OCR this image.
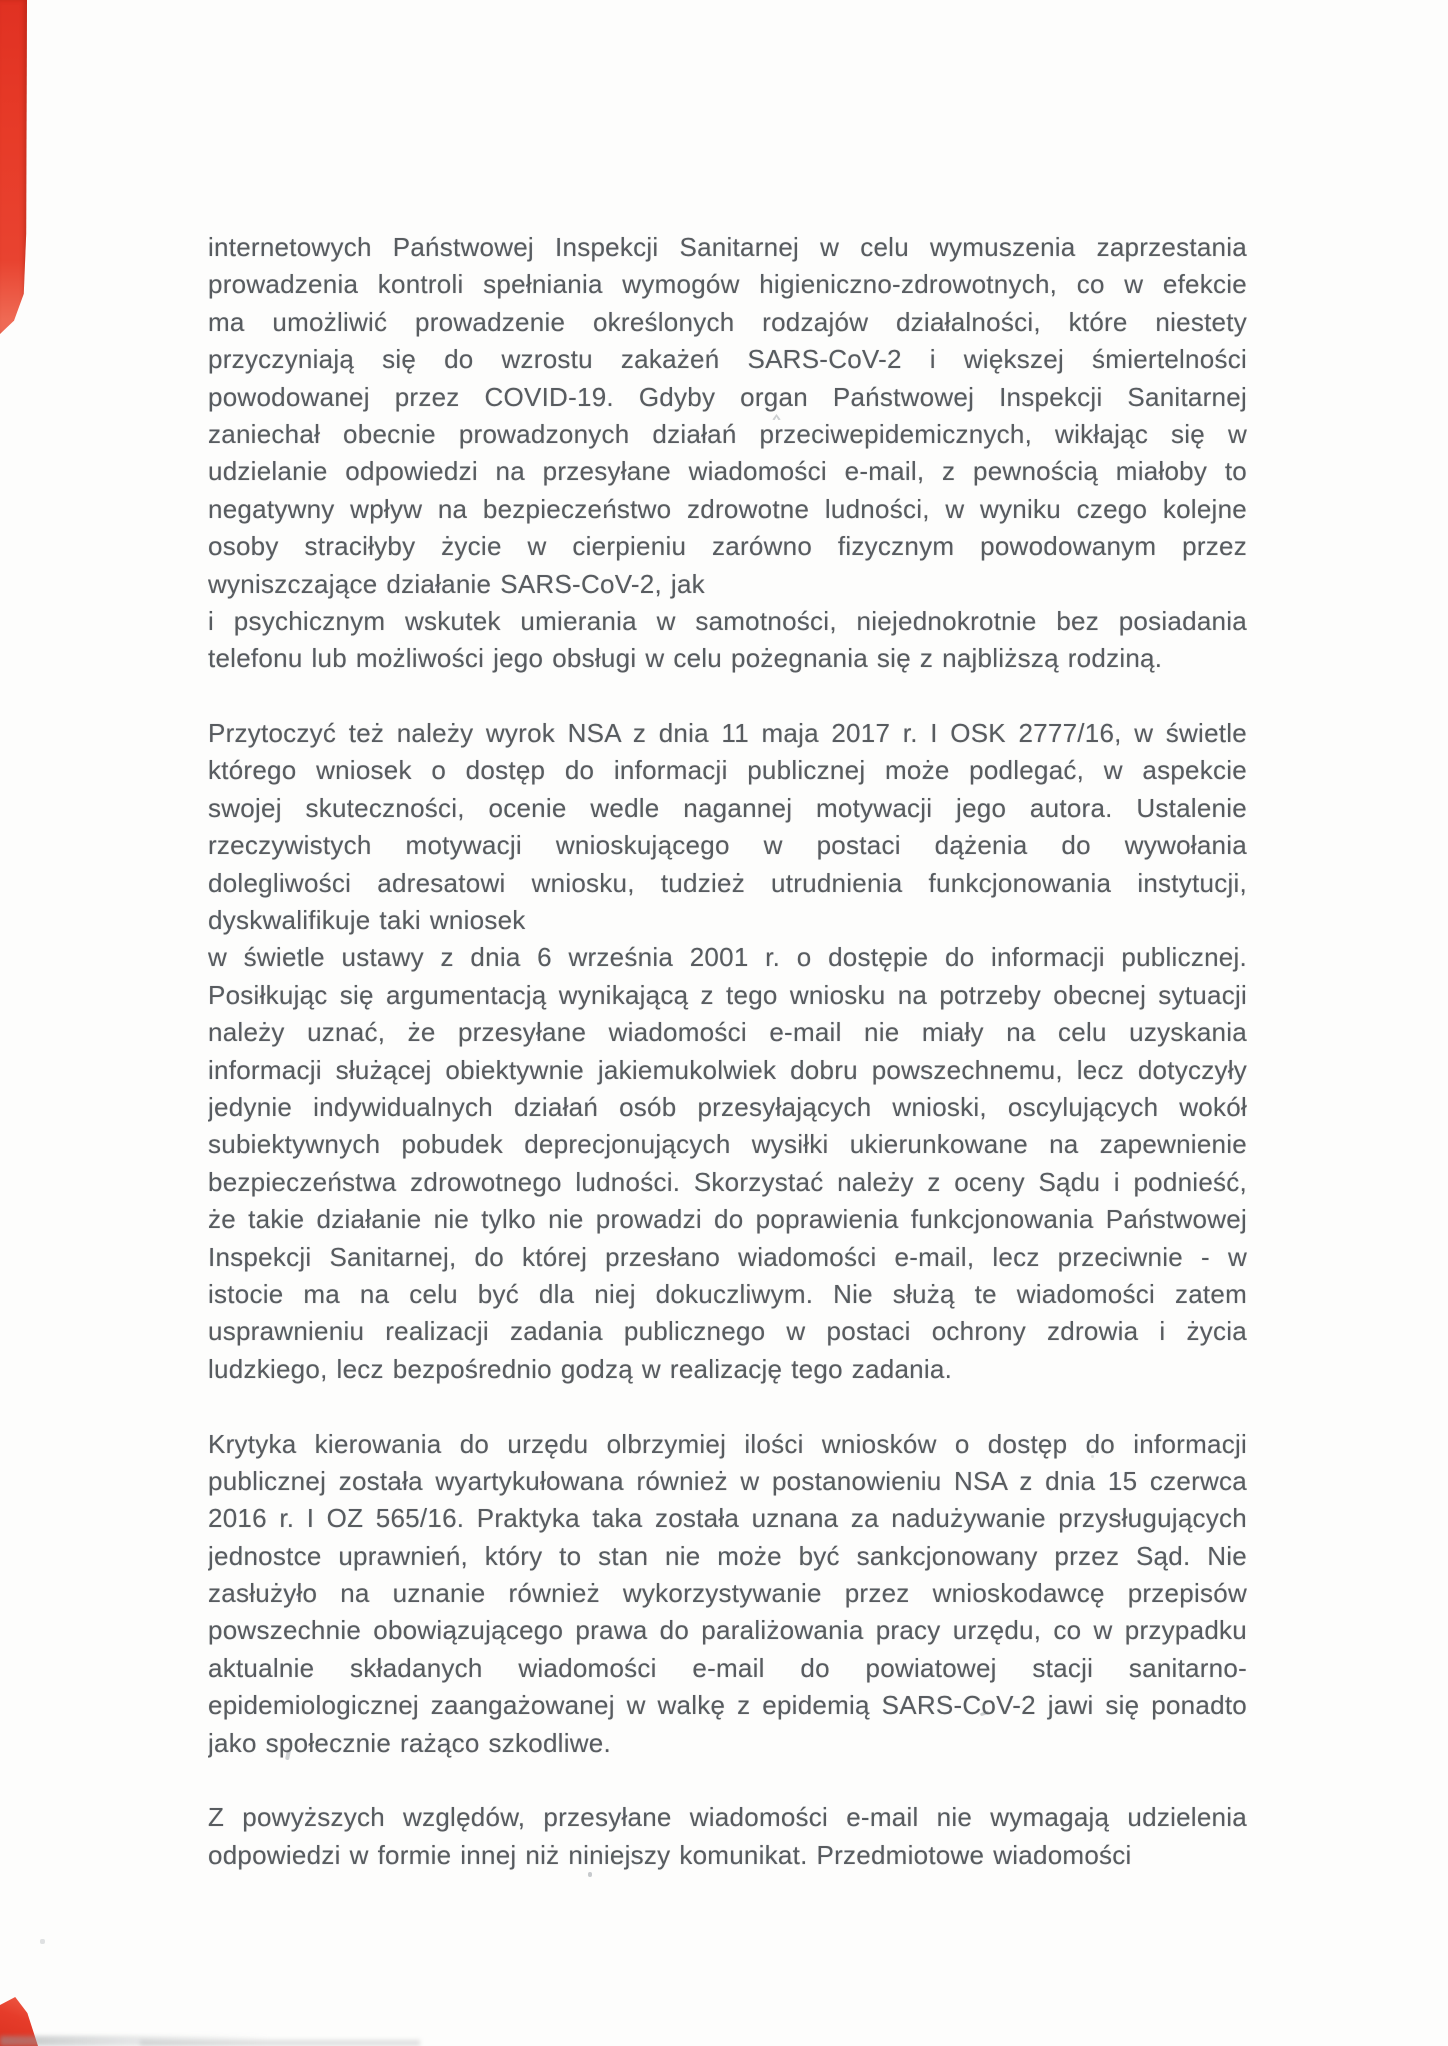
internetowych Państwowej Inspekcji Sanitarnej w celu wymuszenia zaprzestania
prowadzenia kontroli spełniania wymogów higieniczno-zdrowotnych, co w efekcie
ma umożliwić prowadzenie określonych rodzajów działalności, które niestety
przyczyniają się do wzrostu zakażeń SARS-CoV-2 i większej śmiertelności
powodowanej przez COVID-19. Gdyby organ Państwowej Inspekcji Sanitarnej
zaniechał obecnie prowadzonych działań przeciwepidemicznych, wikłając się w
udzielanie odpowiedzi na przesyłane wiadomości e-mail, z pewnością miałoby to
negatywny wpływ na bezpieczeństwo zdrowotne ludności, w wyniku czego kolejne
osoby straciłyby życie w cierpieniu zarówno fizycznym powodowanym przez
wyniszczające działanie SARS-CoV-2, jak
i psychicznym wskutek umierania w samotności, niejednokrotnie bez posiadania
telefonu lub możliwości jego obsługi w celu pożegnania się z najbliższą rodziną.
Przytoczyć też należy wyrok NSA z dnia 11 maja 2017 r. I OSK 2777/16, w świetle
którego wniosek o dostęp do informacji publicznej może podlegać, w aspekcie
swojej skuteczności, ocenie wedle nagannej motywacji jego autora. Ustalenie
rzeczywistych motywacji wnioskującego w postaci dążenia do wywołania
dolegliwości adresatowi wniosku, tudzież utrudnienia funkcjonowania instytucji,
dyskwalifikuje taki wniosek
w świetle ustawy z dnia 6 września 2001 r. o dostępie do informacji publicznej.
Posiłkując się argumentacją wynikającą z tego wniosku na potrzeby obecnej sytuacji
należy uznać, że przesyłane wiadomości e-mail nie miały na celu uzyskania
informacji służącej obiektywnie jakiemukolwiek dobru powszechnemu, lecz dotyczyły
jedynie indywidualnych działań osób przesyłających wnioski, oscylujących wokół
subiektywnych pobudek deprecjonujących wysiłki ukierunkowane na zapewnienie
bezpieczeństwa zdrowotnego ludności. Skorzystać należy z oceny Sądu i podnieść,
że takie działanie nie tylko nie prowadzi do poprawienia funkcjonowania Państwowej
Inspekcji Sanitarnej, do której przesłano wiadomości e-mail, lecz przeciwnie - w
istocie ma na celu być dla niej dokuczliwym. Nie służą te wiadomości zatem
usprawnieniu realizacji zadania publicznego w postaci ochrony zdrowia i życia
ludzkiego, lecz bezpośrednio godzą w realizację tego zadania.
Krytyka kierowania do urzędu olbrzymiej ilości wniosków o dostęp do informacji
publicznej została wyartykułowana również w postanowieniu NSA z dnia 15 czerwca
2016 r. I OZ 565/16. Praktyka taka została uznana za nadużywanie przysługujących
jednostce uprawnień, który to stan nie może być sankcjonowany przez Sąd. Nie
zasłużyło na uznanie również wykorzystywanie przez wnioskodawcę przepisów
powszechnie obowiązującego prawa do paraliżowania pracy urzędu, co w przypadku
aktualnie składanych wiadomości e-mail do powiatowej stacji sanitarno-
epidemiologicznej zaangażowanej w walkę z epidemią SARS-CoV-2 jawi się ponadto
jako społecznie rażąco szkodliwe.
Z powyższych względów, przesyłane wiadomości e-mail nie wymagają udzielenia
odpowiedzi w formie innej niż niniejszy komunikat. Przedmiotowe wiadomości
